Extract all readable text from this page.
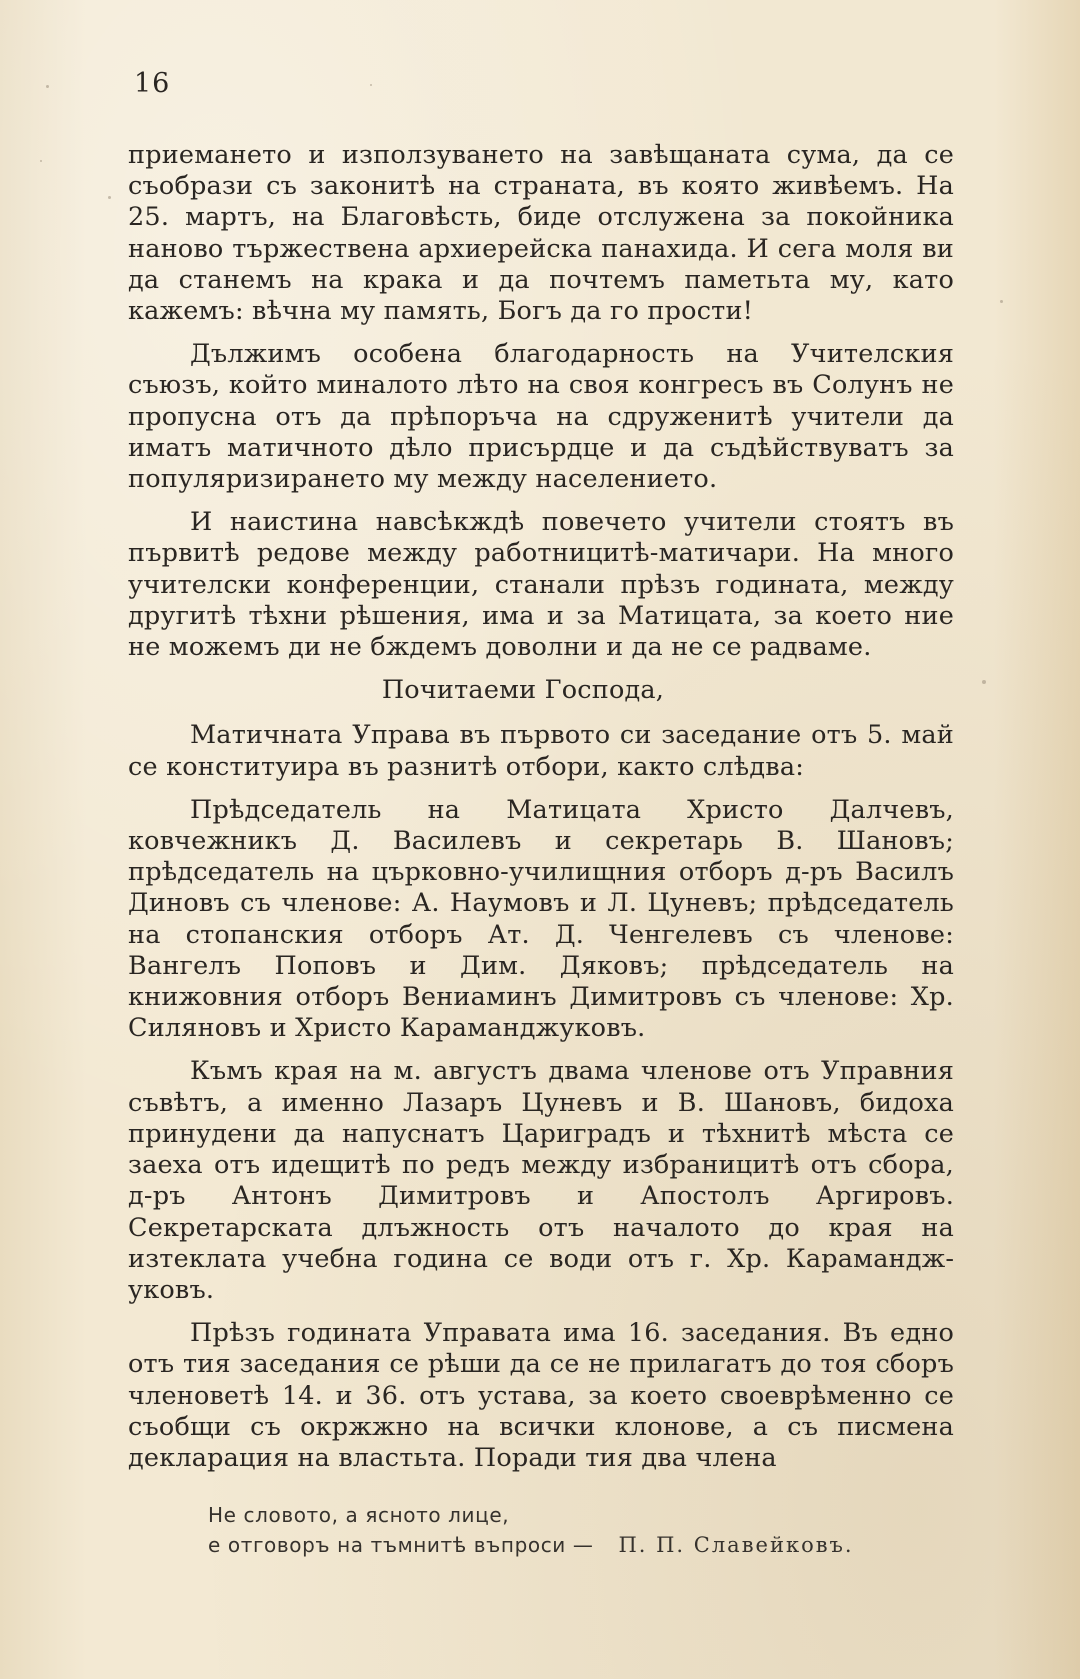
16

приемането и използуването на завѣщаната сума, да се съобрази съ законитѣ на страната, въ която живѣемъ. На 25. мартъ, на Благовѣсть, биде отслужена за покойника наново тържествена архиерейска панахида. И сега моля ви да станемъ на крака и да почтемъ паметьта му, като кажемъ: вѣчна му память, Богъ да го прости!

Дължимъ особена благодарность на Учителския съюзъ, който миналото лѣто на своя конгресъ въ Солунъ не пропусна отъ да прѣпоръча на сдруженитѣ учители да иматъ матичното дѣло присърдце и да съдѣйствуватъ за популяризирането му между населението.

И наистина навсѣкждѣ повечето учители стоятъ въ първитѣ редове между работницитѣ-матичари. На много учителски конференции, станали прѣзъ годината, между другитѣ тѣхни рѣшения, има и за Матицата, за което ние не можемъ ди не бждемъ доволни и да не се радваме.

Почитаеми Господа,

Матичната Управа въ първото си заседание отъ 5. май се конституира въ разнитѣ отбори, както слѣдва:

Прѣдседатель на Матицата Христо Далчевъ, ковчежникъ Д. Василевъ и секретарь В. Шановъ; прѣдседатель на църковно-училищния отборъ д-ръ Василъ Диновъ съ членове: А. Наумовъ и Л. Цуневъ; прѣдседатель на стопанския отборъ Ат. Д. Ченгелевъ съ членове: Вангелъ Поповъ и Дим. Дяковъ; прѣдседатель на книжовния отборъ Вениаминъ Димитровъ съ членове: Хр. Силяновъ и Христо Караманджуковъ.

Къмъ края на м. августъ двама членове отъ Управния съвѣтъ, а именно Лазаръ Цуневъ и В. Шановъ, бидоха принудени да напуснатъ Цариградъ и тѣхнитѣ мѣста се заеха отъ идещитѣ по редъ между избраницитѣ отъ сбора, д-ръ Антонъ Димитровъ и Апостолъ Аргировъ. Секретарската длъжность отъ началото до края на изтеклата учебна година се води отъ г. Хр. Караманджуковъ.

Прѣзъ годината Управата има 16. заседания. Въ едно отъ тия заседания се рѣши да се не прилагатъ до тоя сборъ членоветѣ 14. и 36. отъ устава, за което своеврѣменно се съобщи съ окржжно на всички клонове, а съ писмена декларация на властьта. Поради тия два члена

Не словото, а ясното лице,
е отговоръ на тъмнитѣ въпроси — П. П. Славейковъ.
